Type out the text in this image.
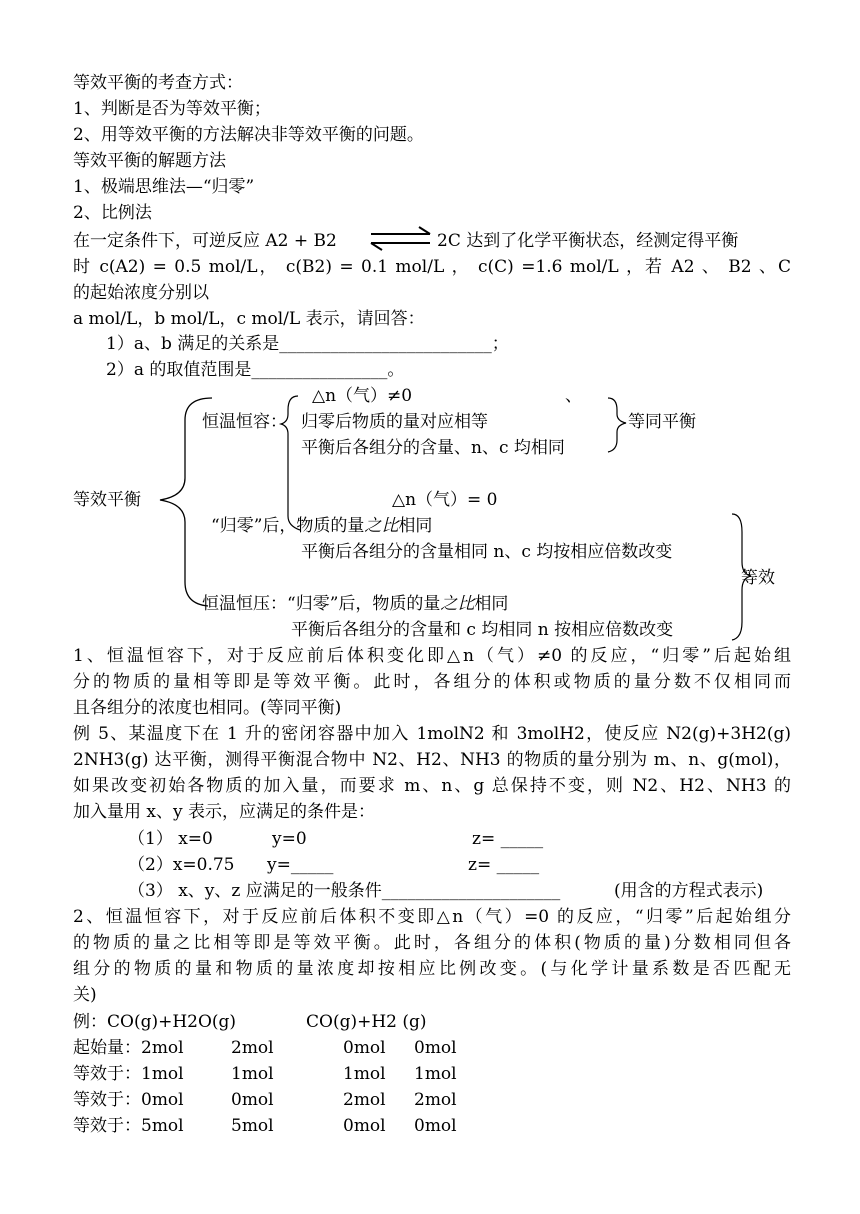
等效平衡的考查方式：
1、判断是否为等效平衡；
2、用等效平衡的方法解决非等效平衡的问题。
等效平衡的解题方法
1、极端思维法—“归零”
2、比例法
在一定条件下，可逆反应 A2 + B2	2C 达到了化学平衡状态，经测定得平衡
时 c(A2) = 0.5 mol/L， c(B2) = 0.1 mol/L ， c(C) =1.6 mol/L ，若 A2 、 B2 、C
的起始浓度分别以
a mol/L，b mol/L，c mol/L 表示，请回答：
1）a、b 满足的关系是_________________________；
2）a 的取值范围是________________。
△n（气）≠0	、
恒温恒容： 归零后物质的量对应相等	等同平衡
平衡后各组分的含量、n、c 均相同
等效平衡	△n（气）= 0
“归零”后，物质的量之比相同
平衡后各组分的含量相同 n、c 均按相应倍数改变
等效
恒温恒压：“归零”后，物质的量之比相同
平衡后各组分的含量和 c 均相同 n 按相应倍数改变
1、恒温恒容下，对于反应前后体积变化即△n（气）≠0 的反应，“归零”后起始组
分的物质的量相等即是等效平衡。此时，各组分的体积或物质的量分数不仅相同而
且各组分的浓度也相同。(等同平衡)
例 5、某温度下在 1 升的密闭容器中加入 1molN2 和 3molH2，使反应 N2(g)+3H2(g)
2NH3(g) 达平衡，测得平衡混合物中 N2、H2、NH3 的物质的量分别为 m、n、g(mol)，
如果改变初始各物质的加入量，而要求 m、n、g 总保持不变，则 N2、H2、NH3 的
加入量用 x、y 表示，应满足的条件是：
（1） x=0	y=0	z= _____
（2）x=0.75 y=_____	z= _____
（3） x、y、z 应满足的一般条件_____________________	(用含的方程式表示)
2、恒温恒容下，对于反应前后体积不变即△n（气）=0 的反应，“归零”后起始组分
的物质的量之比相等即是等效平衡。此时，各组分的体积(物质的量)分数相同但各
组分的物质的量和物质的量浓度却按相应比例改变。(与化学计量系数是否匹配无
关)
例：CO(g)+H2O(g)	CO(g)+H2 (g)
起始量：2mol	2mol	0mol 0mol
等效于：1mol	1mol	1mol 1mol
等效于：0mol	0mol	2mol 2mol
等效于：5mol	5mol	0mol 0mol
